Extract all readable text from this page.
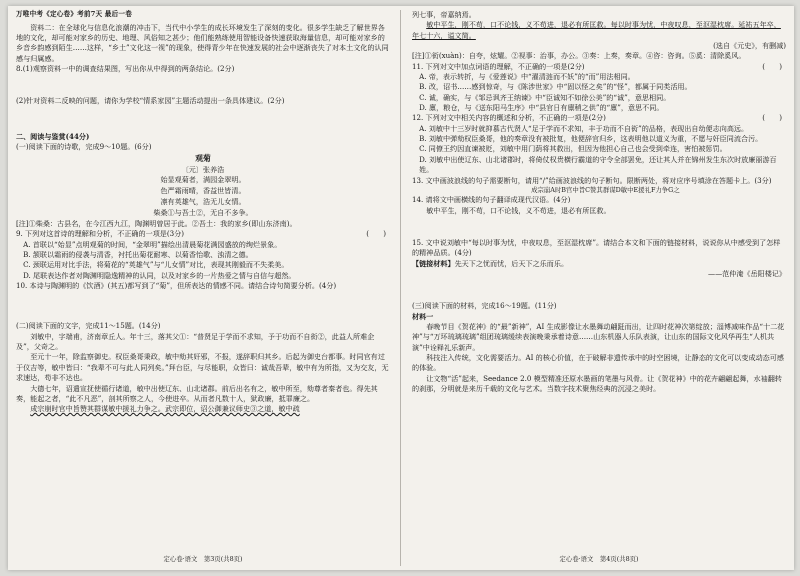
万唯中考《定心卷》考前7天 最后一卷

资料二：在全球化与信息化浪潮的冲击下，当代中小学生的成长环境发生了深刻的变化。很多学生缺乏了解世界各地的文化，却可能对家乡的历史、地理、风俗知之甚少；他们能熟练使用智能设备快速获取海量信息，却可能对家乡的乡音乡韵感到陌生……这样，“乡土”文化这一视”的现象，使得青少年在快速发展的社会中逐渐丧失了对本土文化的认同感与归属感。

8.(1)观察资料一中的调查结果图，写出你从中得到的两条结论。(2分)

(2)针对资料二反映的问题，请你为学校“情系家园”主题活动提出一条具体建议。(2分)

二、阅读与鉴赏(44分)

(一)阅读下面的诗歌，完成9～10题。(6分)

观菊

〔元〕张养浩

始显观菊者，满园金翠明。

色严霜雨晴，香益世皆清。

凛有英雄气，浩无儿女情。

柴桑①与吾土②，无自不多争。

[注]①柴桑：古县名，在今江西九江，陶渊明曾居于此。②吾土：我的家乡(即山东济南)。

9. 下列对这首诗的理解和分析，不正确的一项是(3分)	(　　)

A. 首联以“始显”点明观菊的时间，“金翠明”描绘出清晨菊花满园盛放的绚烂景象。

B. 颔联以霜雨的侵袭与清香，衬托出菊花耐寒、以菊香怡歌、浊清之德。

C. 颈联运用对比手法，将菊花的“英雄气”与“儿女情”对比，表现其刚毅而不失柔美。

D. 尾联表达作者对陶渊明隐逸精神的认同，以及对家乡的一片热爱之情与自信与超然。

10. 本诗与陶渊明的《饮酒》(其五)都写到了“菊”，但所表达的情感不同。请结合诗句简要分析。(4分)

(二)阅读下面的文字，完成11～15题。(14分)

刘敏中，字端甫，济南章丘人。年十三，落其父①：“普贤足于学而不求知，予于功而不自衒②，此益人所难企及”，父奇之。

至元十一年，除监察御史。权臣桑哥秉政，敏中劾其奸邪，不报，遂辞职归其乡。后起为御史台都事。时同官有过于仪吉等，敏中皆曰：“我辈不可与此人同列矣。”拜台臣，与尽能职，众皆曰：诚哉吾辈，敏中有为所指，又为交友，无求速达，苟非不达也。

大德七年，诏遣宣抚使循行诸道，敏中出使辽东、山北诸郡。前后出名有之，敏中所至，劾尊者秦者也。得先其奏，能起之者，“此不凡恶”，剖其所察之人，今使进卒。从而者凡数十人，狱政廉，抵罪廉之。

成宗崩时官中旨赞其群谋敏中援礼力争之。武宗即位，诏公御兼议师史③之道，敏中疏

定心卷·语文　第3页(共8页)

列七事，帝嘉纳焉。

敏中平生，刚不苟，口不论钱，义不苟进，退必有所匡救。每以时事为忧，中夜叹息，至沤湿枕席。延祐五年卒，年七十六，谥文简。

(选自《元史》，有删减)

[注]①衒(xuàn)：自夸，炫耀。②视事：治事，办公。③奏：上奏，奏章。④咨：咨询。⑤奚：清除奚风。

11. 下列对文中加点词语的理解，不正确的一项是(2分)	(　　)

A. 帝，表示转折，与《爱莲说》中“濯清涟而不妖”的“而”用法相同。

B. 改，诏书……感到惊奇，与《陈涉世家》中“固以怪之矣”的“怪”，都属于同类活用。

C. 诚，确实，与《邹忌讽齐王纳谏》中“臣诚知不如徐公美”的“诚”，意思相同。

D. 廪，粮仓，与《送东阳马生序》中“县官日有廪稍之供”的“廪”，意思不同。

12. 下列对文中相关内容的概述和分析，不正确的一项是(2分)	(　　)

A. 刘敏中十三岁时就抑慕古代贤人“足于学而不求知，丰于功而不自衒”的品格，表现出自幼便志向高远。

B. 刘敏中弹劾权臣桑哥，他的奏章没有被批复，他便辞官归乡，这表明他以道义为重，不愿与奸臣同流合污。

C. 同僚王约因直谏被贬，刘敏中用门荫将其救出，但因为他担心自己也会受到牵连，害怕被惩罚。

D. 刘敏中出使辽东、山北诸郡时，将倚仗权贵横行霸道的守令全部罢免，还让其人并在锦州发生东次时放廉丽游百姓。

13. 文中画波浪线的句子需要断句，请用“/”给画波浪线的句子断句。限断两处，将对应序号填涂在答题卡上。(3分)

成宗崩A时B官中旨C赞其群谋D敏中E援礼F力争G之

14. 请将文中画横线的句子翻译成现代汉语。(4分)

敏中平生，刚不苟，口不论钱，义不苟进，退必有所匡救。

15. 文中说刘敏中“每以时事为忧，中夜叹息，至沤湿枕席”。请结合本文和下面的链接材料，说说你从中感受到了怎样的精神品质。(4分)

【链接材料】先天下之忧而忧，后天下之乐而乐。

——范仲淹《岳阳楼记》

(三)阅读下面的材料，完成16～19题。(11分)

材料一

春晚节目《贺花神》的“最”新神”，AI 生成影像让水墨舞动翩跹而出，让四时花神次第绽放；淄博减味作品“十二花神”与“万环琉璃琉璃”组团琉璃缓续表演晚秉承着诗意……山东机器人乐队表演，让山东的国际文化风华再生“人机共演”中诠释礼乐新声。

科技注入传统，文化需要活力。AI 的核心价值，在于破解非遗传承中的时空困境，让静态的文化可以变成动态可感的体验。

让文物“活”起来，Seedance 2.0 模型精准还原水墨画的笔墨与风骨。让《贺花神》中的花卉翩翩起舞，水袖翻转的刹那，分明就是来历千载的文化与艺术。当数字技术聚焦经典的沉浸之美时。

定心卷·语文　第4页(共8页)
